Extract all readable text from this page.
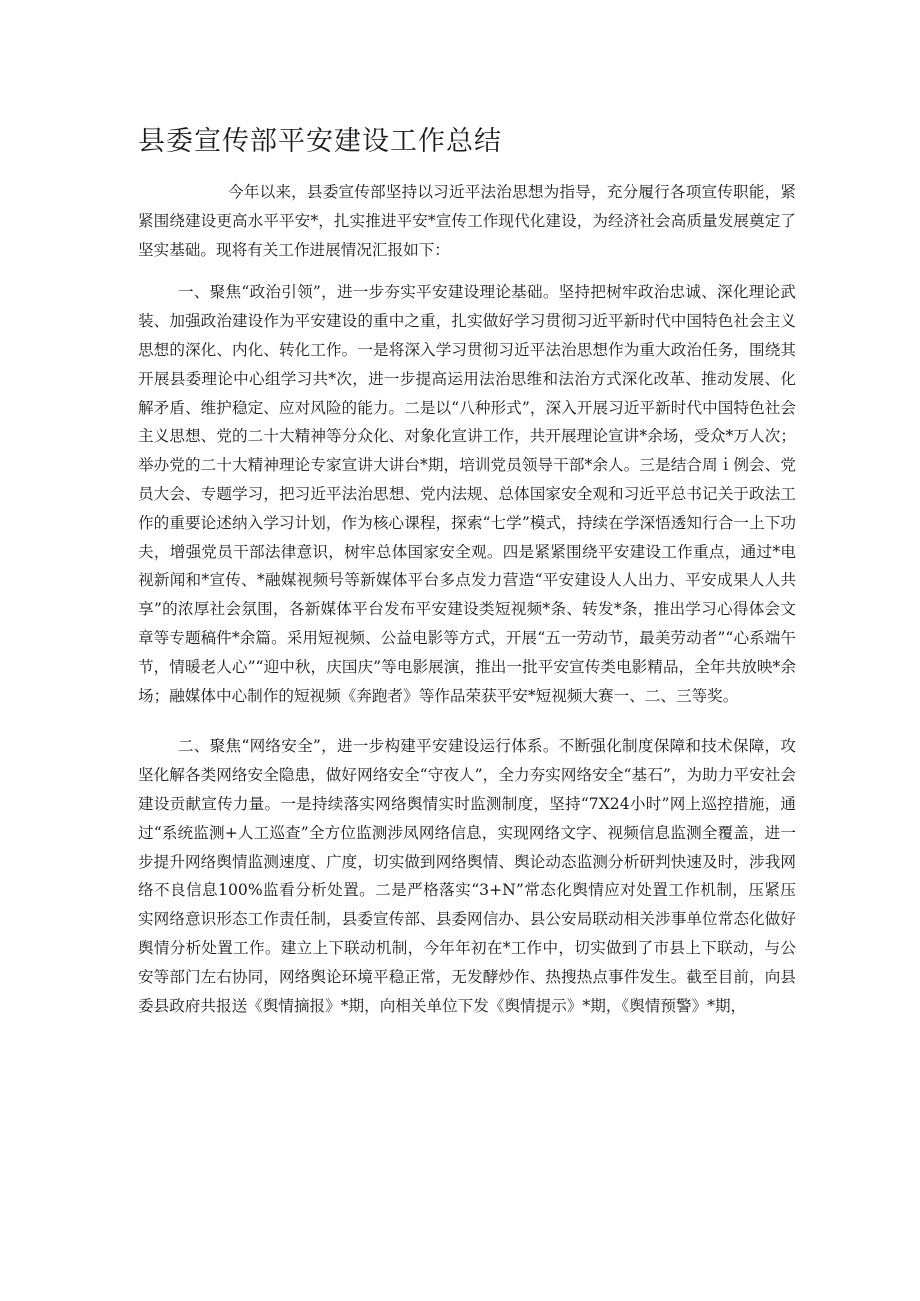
县委宣传部平安建设工作总结

今年以来，县委宣传部坚持以习近平法治思想为指导，充分履行各项宣传职能，紧紧围绕建设更高水平平安*，扎实推进平安*宣传工作现代化建设，为经济社会高质量发展奠定了坚实基础。现将有关工作进展情况汇报如下：

一、聚焦“政治引领”，进一步夯实平安建设理论基础。坚持把树牢政治忠诚、深化理论武装、加强政治建设作为平安建设的重中之重，扎实做好学习贯彻习近平新时代中国特色社会主义思想的深化、内化、转化工作。一是将深入学习贯彻习近平法治思想作为重大政治任务，围绕其开展县委理论中心组学习共*次，进一步提高运用法治思维和法治方式深化改革、推动发展、化解矛盾、维护稳定、应对风险的能力。二是以“八种形式”，深入开展习近平新时代中国特色社会主义思想、党的二十大精神等分众化、对象化宣讲工作，共开展理论宣讲*余场，受众*万人次；举办党的二十大精神理论专家宣讲大讲台*期，培训党员领导干部*余人。三是结合周ｉ例会、党员大会、专题学习，把习近平法治思想、党内法规、总体国家安全观和习近平总书记关于政法工作的重要论述纳入学习计划，作为核心课程，探索“七学”模式，持续在学深悟透知行合一上下功夫，增强党员干部法律意识，树牢总体国家安全观。四是紧紧围绕平安建设工作重点，通过*电视新闻和*宣传、*融媒视频号等新媒体平台多点发力营造“平安建设人人出力、平安成果人人共享”的浓厚社会氛围，各新媒体平台发布平安建设类短视频*条、转发*条，推出学习心得体会文章等专题稿件*余篇。采用短视频、公益电影等方式，开展“五一劳动节，最美劳动者”“心系端午节，情暖老人心”“迎中秋，庆国庆”等电影展演，推出一批平安宣传类电影精品，全年共放映*余场；融媒体中心制作的短视频《奔跑者》等作品荣获平安*短视频大赛一、二、三等奖。

二、聚焦“网络安全”，进一步构建平安建设运行体系。不断强化制度保障和技术保障，攻坚化解各类网络安全隐患，做好网络安全“守夜人”，全力夯实网络安全“基石”，为助力平安社会建设贡献宣传力量。一是持续落实网络舆情实时监测制度，坚持“7X24小时”网上巡控措施，通过“系统监测+人工巡查”全方位监测涉凤网络信息，实现网络文字、视频信息监测全覆盖，进一步提升网络舆情监测速度、广度，切实做到网络舆情、舆论动态监测分析研判快速及时，涉我网络不良信息100%监看分析处置。二是严格落实“3+N”常态化舆情应对处置工作机制，压紧压实网络意识形态工作责任制，县委宣传部、县委网信办、县公安局联动相关涉事单位常态化做好舆情分析处置工作。建立上下联动机制，今年年初在*工作中，切实做到了市县上下联动，与公安等部门左右协同，网络舆论环境平稳正常，无发酵炒作、热搜热点事件发生。截至目前，向县委县政府共报送《舆情摘报》*期，向相关单位下发《舆情提示》*期，《舆情预警》*期，
